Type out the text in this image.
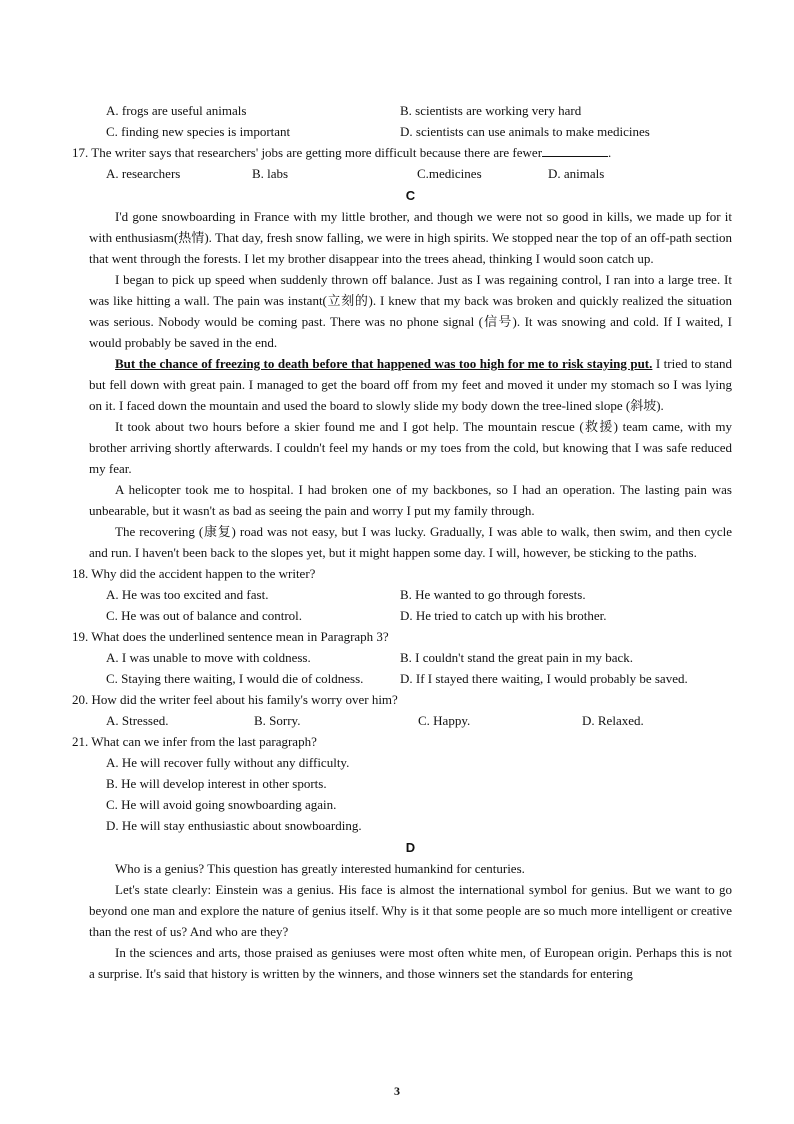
A. frogs are useful animals	B. scientists are working very hard
C. finding new species is important	D. scientists can use animals to make medicines

17. The writer says that researchers' jobs are getting more difficult because there are fewer	.

A. researchers	B. labs	C.medicines	D. animals
C

I'd gone snowboarding in France with my little brother, and though we were not so good in kills, we made up for it with enthusiasm(热情). That day, fresh snow falling, we were in high spirits. We stopped near the top of an off-path section that went through the forests. I let my brother disappear into the trees ahead, thinking I would soon catch up.

I began to pick up speed when suddenly thrown off balance. Just as I was regaining control, I ran into a large tree. It was like hitting a wall. The pain was instant(立刻的). I knew that my back was broken and quickly realized the situation was serious. Nobody would be coming past. There was no phone signal (信号). It was snowing and cold. If I waited, I would probably be saved in the end.

But the chance of freezing to death before that happened was too high for me to risk staying put. I tried to stand but fell down with great pain. I managed to get the board off from my feet and moved it under my stomach so I was lying on it. I faced down the mountain and used the board to slowly slide my body down the tree-lined slope (斜坡).

It took about two hours before a skier found me and I got help. The mountain rescue (救援) team came, with my brother arriving shortly afterwards. I couldn't feel my hands or my toes from the cold, but knowing that I was safe reduced my fear.

A helicopter took me to hospital. I had broken one of my backbones, so I had an operation. The lasting pain was unbearable, but it wasn't as bad as seeing the pain and worry I put my family through.

The recovering (康复) road was not easy, but I was lucky. Gradually, I was able to walk, then swim, and then cycle and run. I haven't been back to the slopes yet, but it might happen some day. I will, however, be sticking to the paths.

18. Why did the accident happen to the writer?

A. He was too excited and fast.	B. He wanted to go through forests.
C. He was out of balance and control.	D. He tried to catch up with his brother.

19. What does the underlined sentence mean in Paragraph 3?

A. I was unable to move with coldness.	B. I couldn't stand the great pain in my back.
C. Staying there waiting, I would die of coldness.	D. If I stayed there waiting, I would probably be saved.

20. How did the writer feel about his family's worry over him?

A. Stressed.	B. Sorry.	C. Happy.	D. Relaxed.

21. What can we infer from the last paragraph?

A. He will recover fully without any difficulty.

B. He will develop interest in other sports.

C. He will avoid going snowboarding again.

D. He will stay enthusiastic about snowboarding.

D

Who is a genius? This question has greatly interested humankind for centuries.

Let's state clearly: Einstein was a genius. His face is almost the international symbol for genius. But we want to go beyond one man and explore the nature of genius itself. Why is it that some people are so much more intelligent or creative than the rest of us? And who are they?

In the sciences and arts, those praised as geniuses were most often white men, of European origin. Perhaps this is not a surprise. It's said that history is written by the winners, and those winners set the standards for entering

3
